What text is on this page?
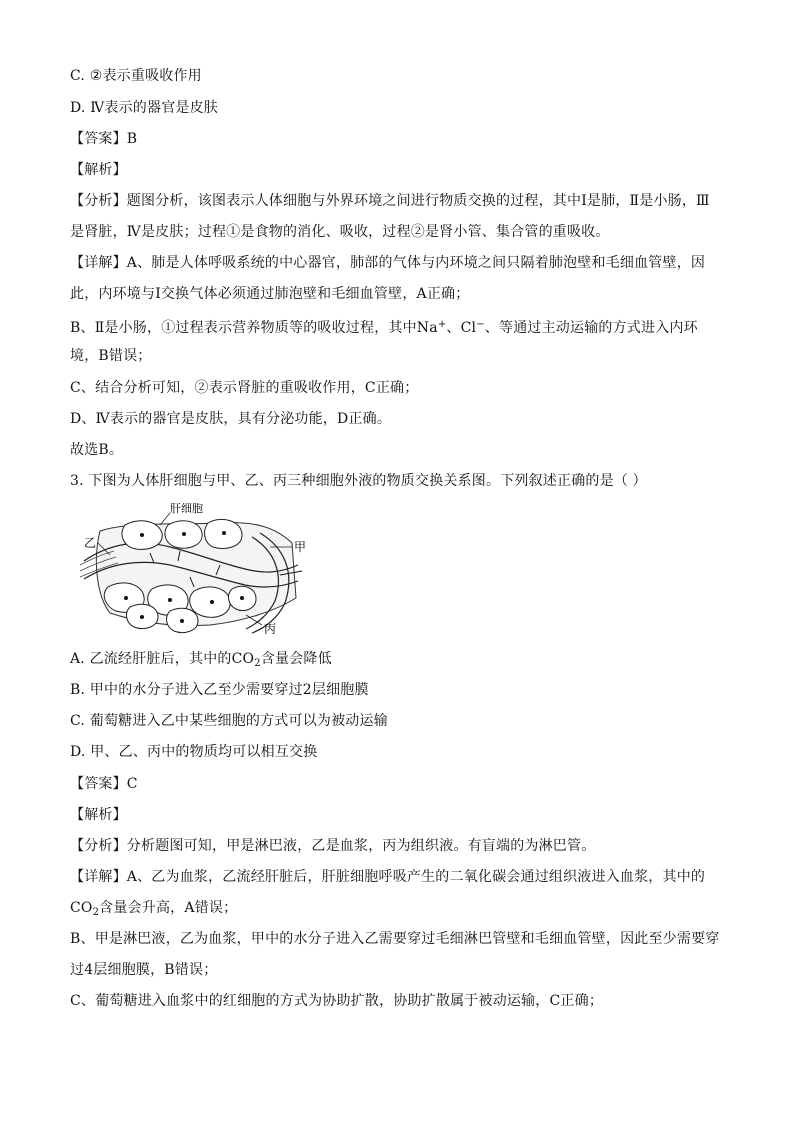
C. ②表示重吸收作用
D. Ⅳ表示的器官是皮肤
【答案】B
【解析】
【分析】题图分析，该图表示人体细胞与外界环境之间进行物质交换的过程，其中Ⅰ是肺，Ⅱ是小肠，Ⅲ
是肾脏，Ⅳ是皮肤；过程①是食物的消化、吸收，过程②是肾小管、集合管的重吸收。
【详解】A、肺是人体呼吸系统的中心器官，肺部的气体与内环境之间只隔着肺泡壁和毛细血管壁，因
此，内环境与Ⅰ交换气体必须通过肺泡壁和毛细血管壁，A正确；
B、Ⅱ是小肠，①过程表示营养物质等的吸收过程，其中Na+、Cl−、等通过主动运输的方式进入内环
境，B错误；
C、结合分析可知，②表示肾脏的重吸收作用，C正确；
D、Ⅳ表示的器官是皮肤，具有分泌功能，D正确。
故选B。
3. 下图为人体肝细胞与甲、乙、丙三种细胞外液的物质交换关系图。下列叙述正确的是（ ）
肝细胞
乙	甲
丙
A. 乙流经肝脏后，其中的$CO_2$含量会降低
B. 甲中的水分子进入乙至少需要穿过2层细胞膜
C. 葡萄糖进入乙中某些细胞的方式可以为被动运输
D. 甲、乙、丙中的物质均可以相互交换
【答案】C
【解析】
【分析】分析题图可知，甲是淋巴液，乙是血浆，丙为组织液。有盲端的为淋巴管。
【详解】A、乙为血浆，乙流经肝脏后，肝脏细胞呼吸产生的二氧化碳会通过组织液进入血浆，其中的
$CO_2$含量会升高，A错误；
B、甲是淋巴液，乙为血浆，甲中的水分子进入乙需要穿过毛细淋巴管壁和毛细血管壁，因此至少需要穿
过4层细胞膜，B错误；
C、葡萄糖进入血浆中的红细胞的方式为协助扩散，协助扩散属于被动运输，C正确；
